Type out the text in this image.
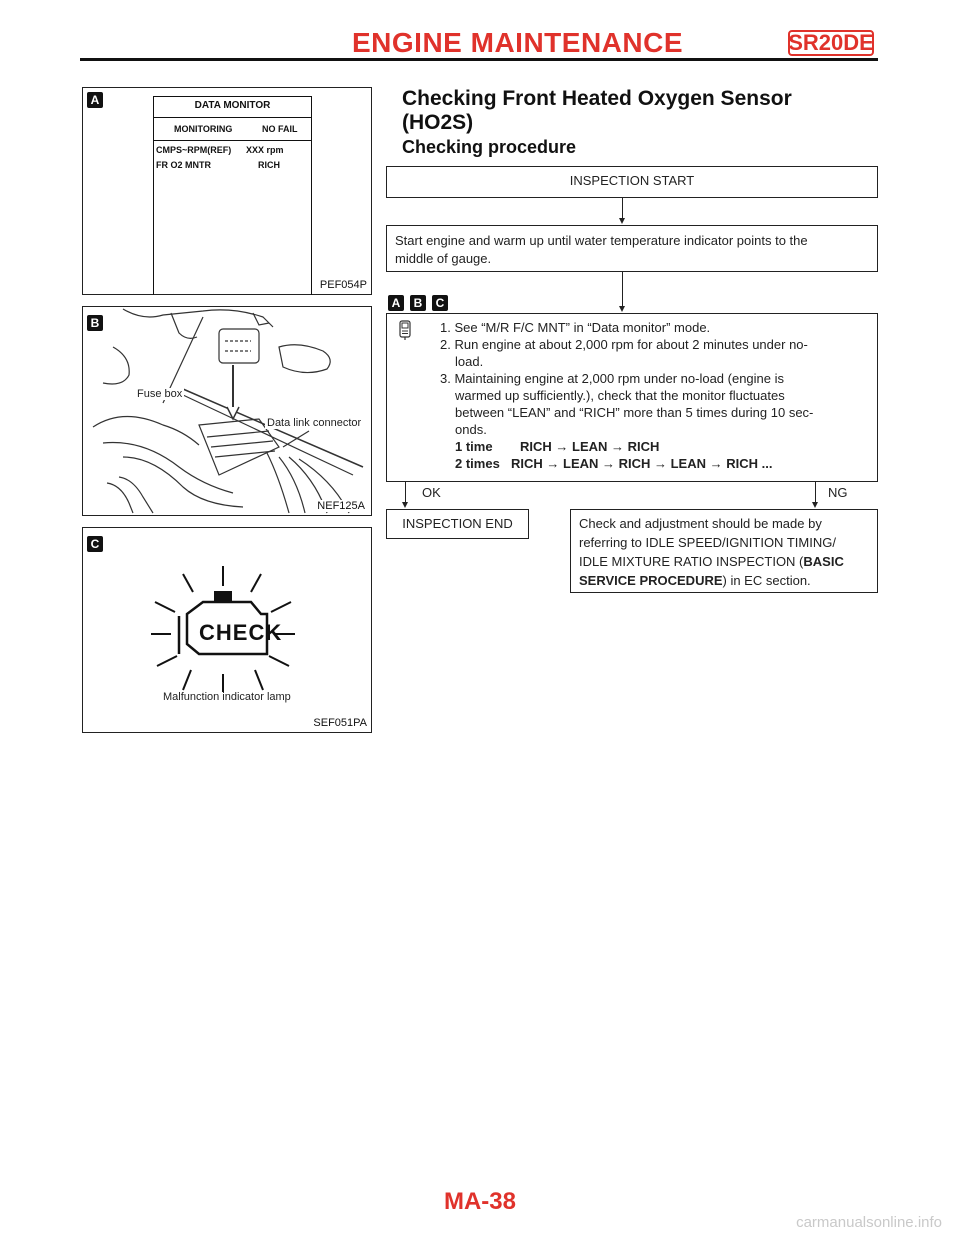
ENGINE MAINTENANCE	SR20DE
A	DATA MONITOR
MONITORING	NO FAIL
CMPS~RPM(REF) XXX rpm
FR O2 MNTR	RICH
PEF054P
B
Fuse box
Data link connector
NEF125A
C
CHECK
Malfunction indicator lamp
SEF051PA
Checking Front Heated Oxygen Sensor
(HO2S)
Checking procedure
INSPECTION START
Start engine and warm up until water temperature indicator points to the
middle of gauge.
A	B	C
1. See “M/R F/C MNT” in “Data monitor” mode.
2. Run engine at about 2,000 rpm for about 2 minutes under no-
load.
3. Maintaining engine at 2,000 rpm under no-load (engine is
warmed up sufficiently.), check that the monitor fluctuates
between “LEAN” and “RICH” more than 5 times during 10 sec-
onds.
1 time RICH → LEAN → RICH
2 times RICH → LEAN → RICH → LEAN → RICH ...
OK	NG
INSPECTION END	Check and adjustment should be made by
referring to IDLE SPEED/IGNITION TIMING/
IDLE MIXTURE RATIO INSPECTION (BASIC
SERVICE PROCEDURE) in EC section.
MA-38
carmanualsonline.info
